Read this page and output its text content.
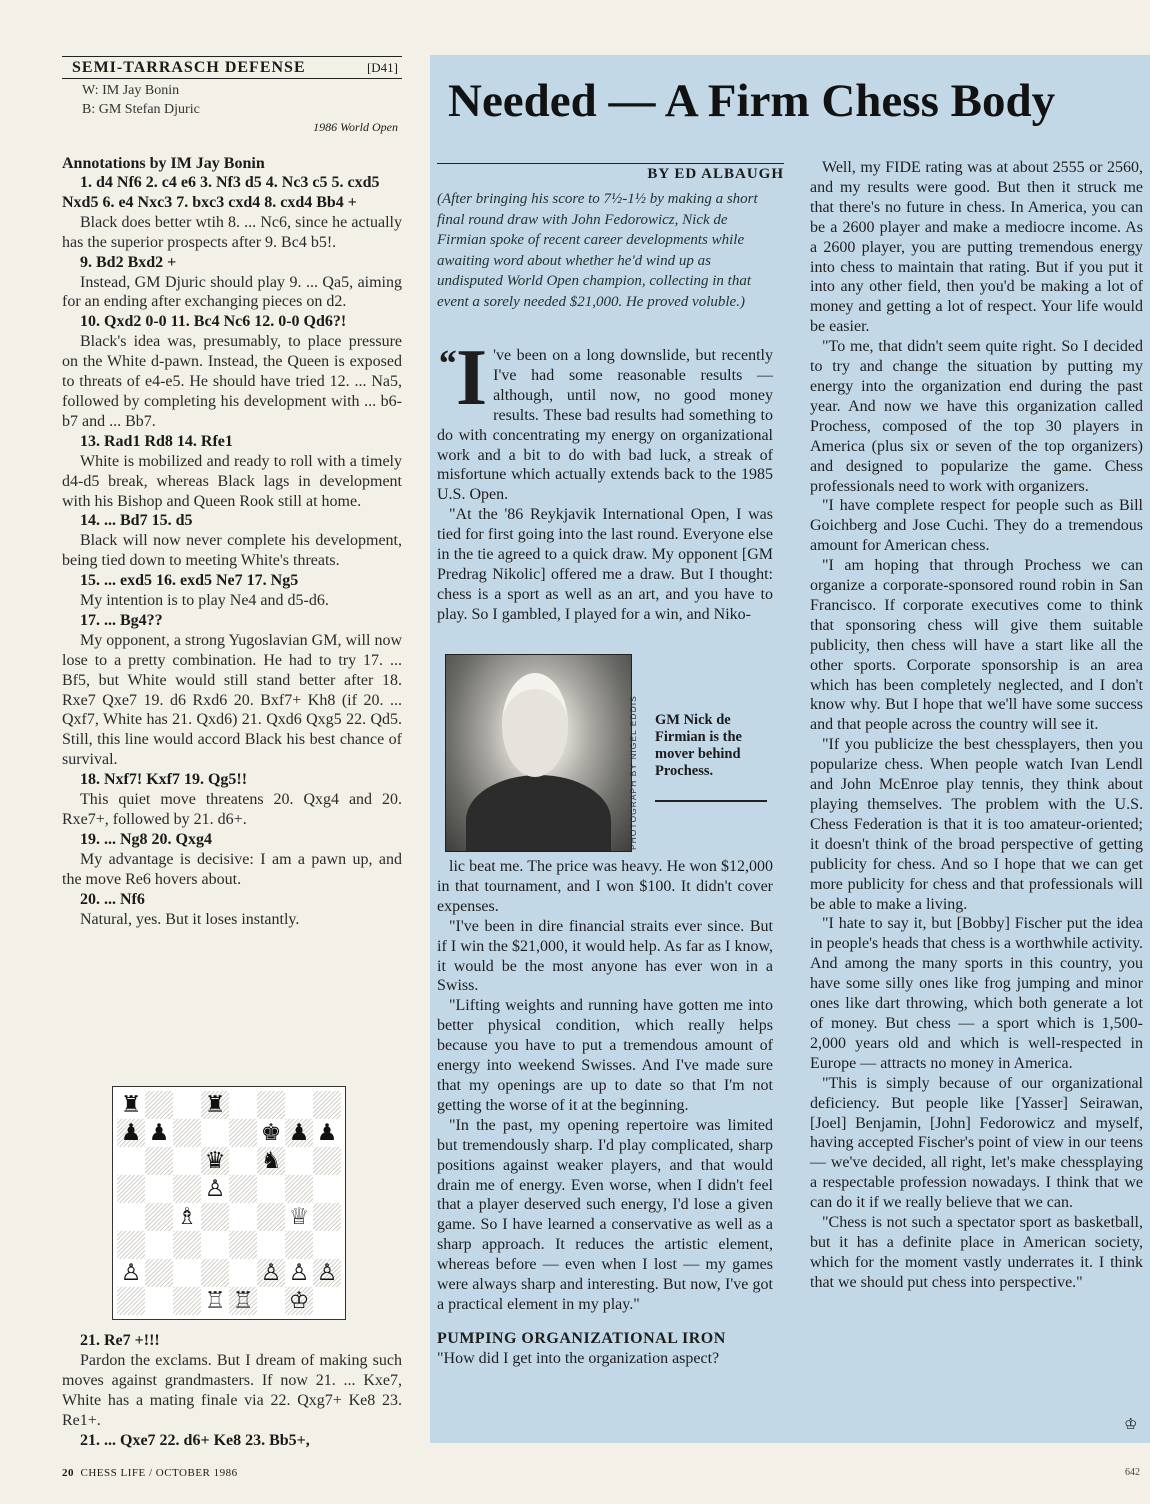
SEMI-TARRASCH DEFENSE	[D41]
W: IM Jay Bonin
B: GM Stefan Djuric
1986 World Open
Annotations by IM Jay Bonin

1. d4 Nf6 2. c4 e6 3. Nf3 d5 4. Nc3 c5 5. cxd5 Nxd5 6. e4 Nxc3 7. bxc3 cxd4 8. cxd4 Bb4 +

Black does better wtih 8. ... Nc6, since he actually has the superior prospects after 9. Bc4 b5!.

9. Bd2 Bxd2 +

Instead, GM Djuric should play 9. ... Qa5, aiming for an ending after exchanging pieces on d2.

10. Qxd2 0-0 11. Bc4 Nc6 12. 0-0 Qd6?!

Black's idea was, presumably, to place pressure on the White d-pawn. Instead, the Queen is exposed to threats of e4-e5. He should have tried 12. ... Na5, followed by completing his development with ... b6-b7 and ... Bb7.

13. Rad1 Rd8 14. Rfe1

White is mobilized and ready to roll with a timely d4-d5 break, whereas Black lags in development with his Bishop and Queen Rook still at home.

14. ... Bd7 15. d5

Black will now never complete his development, being tied down to meeting White's threats.

15. ... exd5 16. exd5 Ne7 17. Ng5

My intention is to play Ne4 and d5-d6.

17. ... Bg4??

My opponent, a strong Yugoslavian GM, will now lose to a pretty combination. He had to try 17. ... Bf5, but White would still stand better after 18. Rxe7 Qxe7 19. d6 Rxd6 20. Bxf7+ Kh8 (if 20. ... Qxf7, White has 21. Qxd6) 21. Qxd6 Qxg5 22. Qd5. Still, this line would accord Black his best chance of survival.

18. Nxf7! Kxf7 19. Qg5!!

This quiet move threatens 20. Qxg4 and 20. Rxe7+, followed by 21. d6+.

19. ... Ng8 20. Qxg4

My advantage is decisive: I am a pawn up, and the move Re6 hovers about.

20. ... Nf6

Natural, yes. But it loses instantly.

♜	♜
♟ ♟	♚ ♟ ♟
♛ ♞
♙
♗	♕
♙	♙ ♙ ♙
♖ ♖ ♔

21. Re7 +!!!

Pardon the exclams. But I dream of making such moves against grandmasters. If now 21. ... Kxe7, White has a mating finale via 22. Qxg7+ Ke8 23. Re1+.

21. ... Qxe7 22. d6+ Ke8 23. Bb5+,

Needed — A Firm Chess Body
BY ED ALBAUGH
(After bringing his score to 7½-1½ by making a short final round draw with John Fedorowicz, Nick de Firmian spoke of recent career developments while awaiting word about whether he'd wind up as undisputed World Open champion, collecting in that event a sorely needed $21,000. He proved voluble.)

“ I 've been on a long downslide, but recently I've had some reasonable results — although, until now, no good money results. These bad results had something to do with concentrating my energy on organizational work and a bit to do with bad luck, a streak of misfortune which actually extends back to the 1985 U.S. Open.

"At the '86 Reykjavik International Open, I was tied for first going into the last round. Everyone else in the tie agreed to a quick draw. My opponent [GM Predrag Nikolic] offered me a draw. But I thought: chess is a sport as well as an art, and you have to play. So I gambled, I played for a win, and Niko-

PHOTOGRAPH BY NIGEL EDDIS GM Nick de Firmian is the mover behind Prochess.

lic beat me. The price was heavy. He won $12,000 in that tournament, and I won $100. It didn't cover expenses.

"I've been in dire financial straits ever since. But if I win the $21,000, it would help. As far as I know, it would be the most anyone has ever won in a Swiss.

"Lifting weights and running have gotten me into better physical condition, which really helps because you have to put a tremendous amount of energy into weekend Swisses. And I've made sure that my openings are up to date so that I'm not getting the worse of it at the beginning.

"In the past, my opening repertoire was limited but tremendously sharp. I'd play complicated, sharp positions against weaker players, and that would drain me of energy. Even worse, when I didn't feel that a player deserved such energy, I'd lose a given game. So I have learned a conservative as well as a sharp approach. It reduces the artistic element, whereas before — even when I lost — my games were always sharp and interesting. But now, I've got a practical element in my play."

PUMPING ORGANIZATIONAL IRON

"How did I get into the organization aspect?

Well, my FIDE rating was at about 2555 or 2560, and my results were good. But then it struck me that there's no future in chess. In America, you can be a 2600 player and make a mediocre income. As a 2600 player, you are putting tremendous energy into chess to maintain that rating. But if you put it into any other field, then you'd be making a lot of money and getting a lot of respect. Your life would be easier.

"To me, that didn't seem quite right. So I decided to try and change the situation by putting my energy into the organization end during the past year. And now we have this organization called Prochess, composed of the top 30 players in America (plus six or seven of the top organizers) and designed to popularize the game. Chess professionals need to work with organizers.

"I have complete respect for people such as Bill Goichberg and Jose Cuchi. They do a tremendous amount for American chess.

"I am hoping that through Prochess we can organize a corporate-sponsored round robin in San Francisco. If corporate executives come to think that sponsoring chess will give them suitable publicity, then chess will have a start like all the other sports. Corporate sponsorship is an area which has been completely neglected, and I don't know why. But I hope that we'll have some success and that people across the country will see it.

"If you publicize the best chessplayers, then you popularize chess. When people watch Ivan Lendl and John McEnroe play tennis, they think about playing themselves. The problem with the U.S. Chess Federation is that it is too amateur-oriented; it doesn't think of the broad perspective of getting publicity for chess. And so I hope that we can get more publicity for chess and that professionals will be able to make a living.

"I hate to say it, but [Bobby] Fischer put the idea in people's heads that chess is a worthwhile activity. And among the many sports in this country, you have some silly ones like frog jumping and minor ones like dart throwing, which both generate a lot of money. But chess — a sport which is 1,500-2,000 years old and which is well-respected in Europe — attracts no money in America.

"This is simply because of our organizational deficiency. But people like [Yasser] Seirawan, [Joel] Benjamin, [John] Fedorowicz and myself, having accepted Fischer's point of view in our teens — we've decided, all right, let's make chessplaying a respectable profession nowadays. I think that we can do it if we really believe that we can.

"Chess is not such a spectator sport as basketball, but it has a definite place in American society, which for the moment vastly underrates it. I think that we should put chess into perspective."

♔
20 CHESS LIFE / OCTOBER 1986	642
